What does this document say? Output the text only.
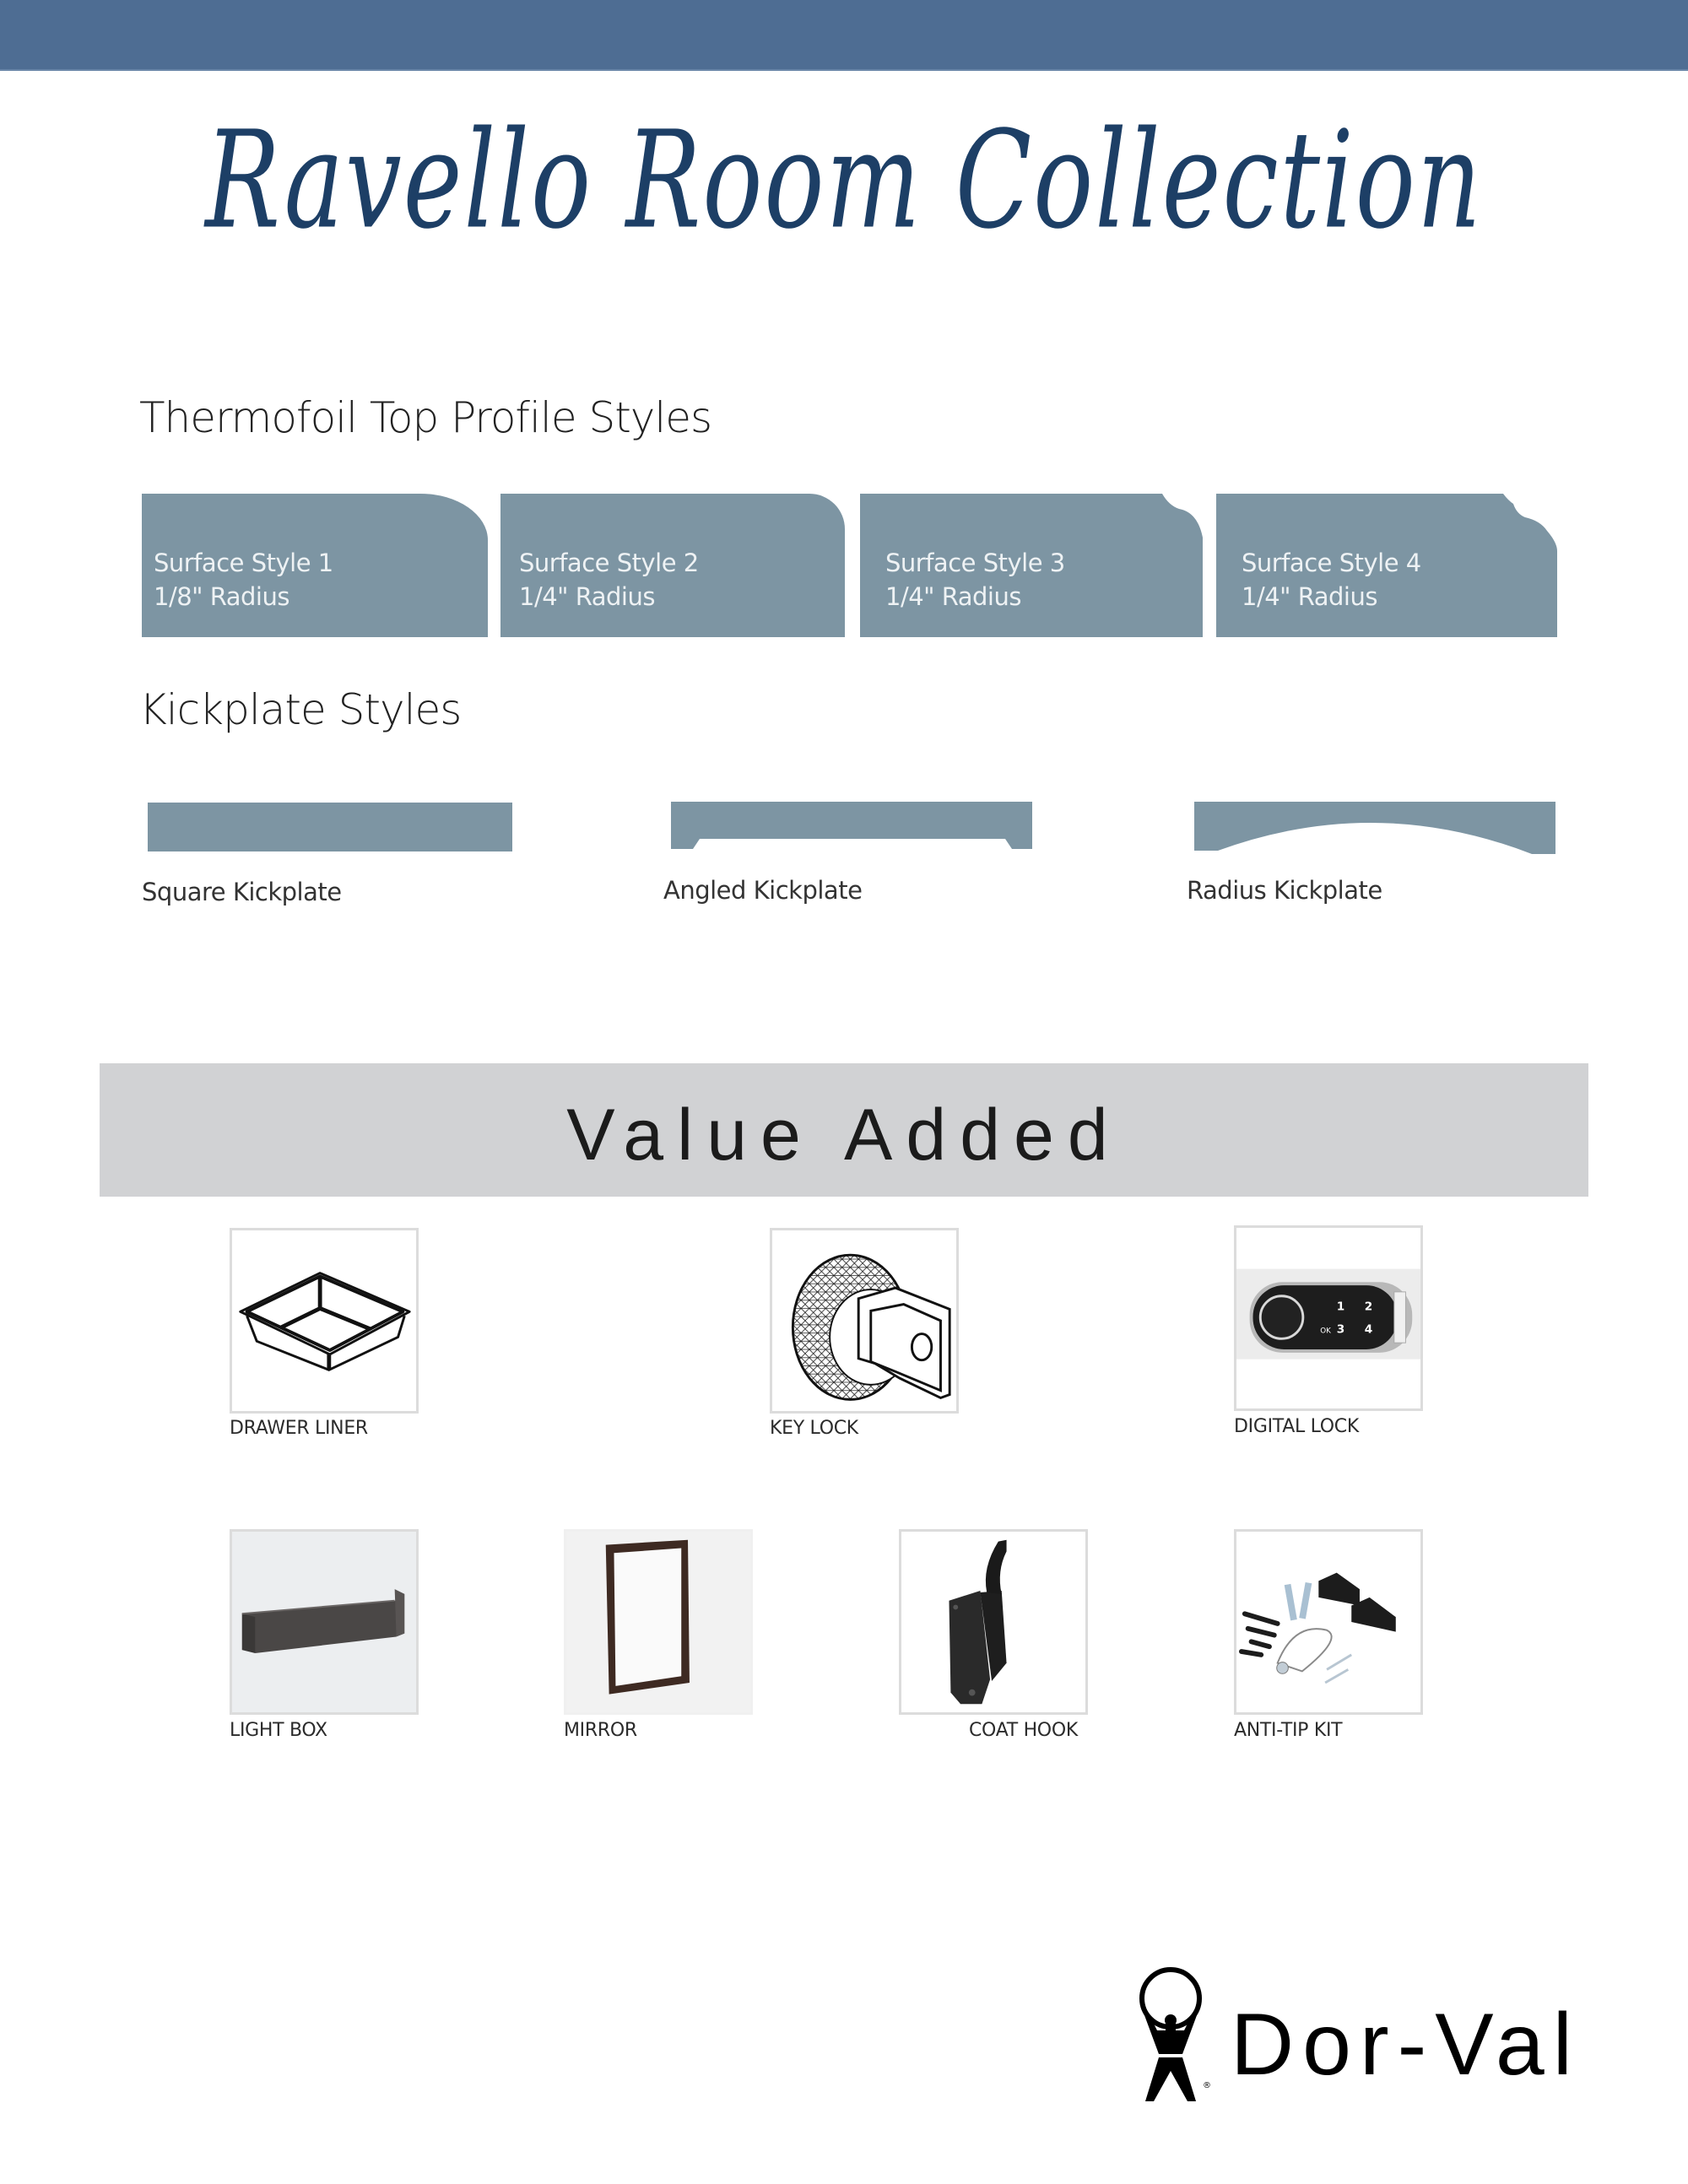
Ravello Room Collection
Thermofoil Top Profile Styles
Surface Style 1
1/8" Radius
Surface Style 2
1/4" Radius
Surface Style 3
1/4" Radius
Surface Style 4
1/4" Radius
Kickplate Styles
Square Kickplate	Angled Kickplate	Radius Kickplate
Value Added
DRAWER LINER	KEY LOCK
1 2
OK 3 4
DIGITAL LOCK
LIGHT BOX	MIRROR	COAT HOOK	ANTI-TIP KIT
® Dor-Val
